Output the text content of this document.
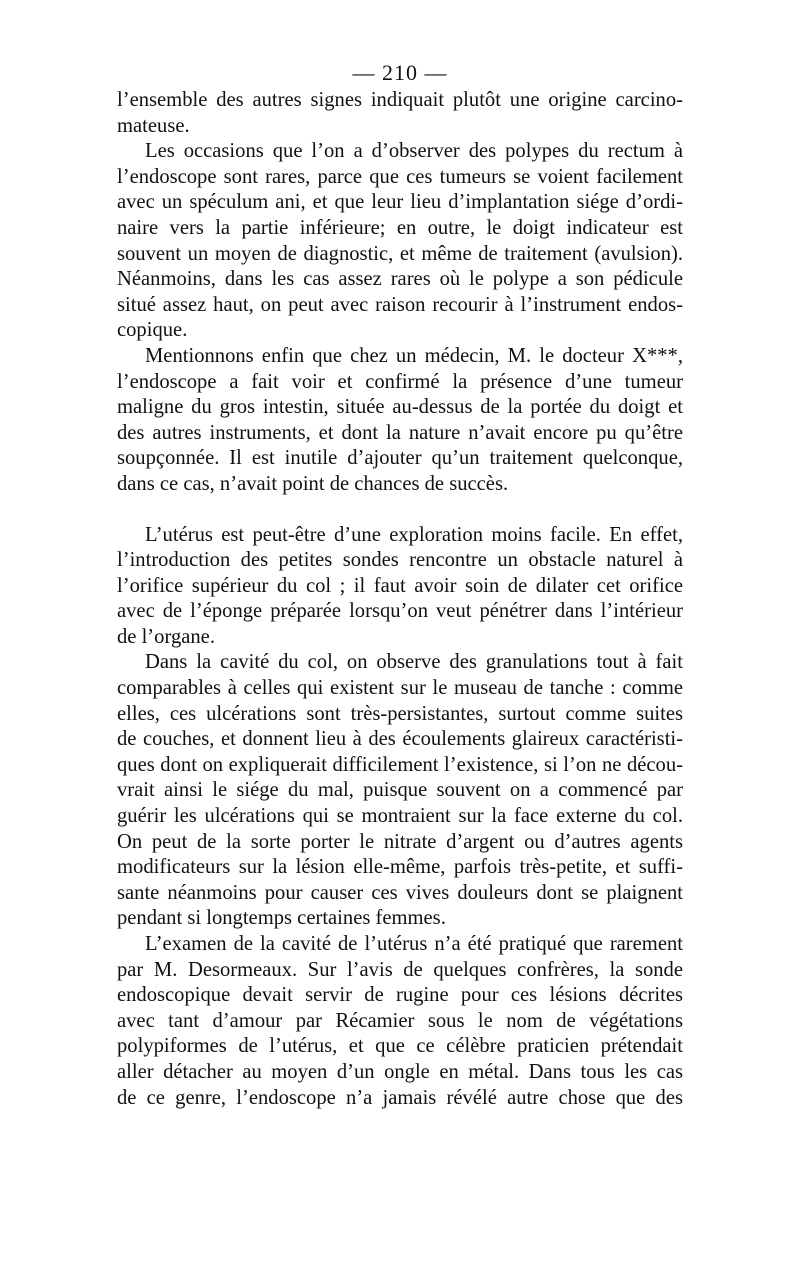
— 210 —

l’ensemble des autres signes indiquait plutôt une origine carcino-
mateuse.

Les occasions que l’on a d’observer des polypes du rectum à
l’endoscope sont rares, parce que ces tumeurs se voient facilement
avec un spéculum ani, et que leur lieu d’implantation siége d’ordi-
naire vers la partie inférieure; en outre, le doigt indicateur est
souvent un moyen de diagnostic, et même de traitement (avulsion).
Néanmoins, dans les cas assez rares où le polype a son pédicule
situé assez haut, on peut avec raison recourir à l’instrument endos-
copique.

Mentionnons enfin que chez un médecin, M. le docteur X***,
l’endoscope a fait voir et confirmé la présence d’une tumeur
maligne du gros intestin, située au-dessus de la portée du doigt et
des autres instruments, et dont la nature n’avait encore pu qu’être
soupçonnée. Il est inutile d’ajouter qu’un traitement quelconque,
dans ce cas, n’avait point de chances de succès.

L’utérus est peut-être d’une exploration moins facile. En effet,
l’introduction des petites sondes rencontre un obstacle naturel à
l’orifice supérieur du col ; il faut avoir soin de dilater cet orifice
avec de l’éponge préparée lorsqu’on veut pénétrer dans l’intérieur
de l’organe.

Dans la cavité du col, on observe des granulations tout à fait
comparables à celles qui existent sur le museau de tanche : comme
elles, ces ulcérations sont très-persistantes, surtout comme suites
de couches, et donnent lieu à des écoulements glaireux caractéristi-
ques dont on expliquerait difficilement l’existence, si l’on ne décou-
vrait ainsi le siége du mal, puisque souvent on a commencé par
guérir les ulcérations qui se montraient sur la face externe du col.
On peut de la sorte porter le nitrate d’argent ou d’autres agents
modificateurs sur la lésion elle-même, parfois très-petite, et suffi-
sante néanmoins pour causer ces vives douleurs dont se plaignent
pendant si longtemps certaines femmes.

L’examen de la cavité de l’utérus n’a été pratiqué que rarement
par M. Desormeaux. Sur l’avis de quelques confrères, la sonde
endoscopique devait servir de rugine pour ces lésions décrites
avec tant d’amour par Récamier sous le nom de végétations
polypiformes de l’utérus, et que ce célèbre praticien prétendait
aller détacher au moyen d’un ongle en métal. Dans tous les cas
de ce genre, l’endoscope n’a jamais révélé autre chose que des
